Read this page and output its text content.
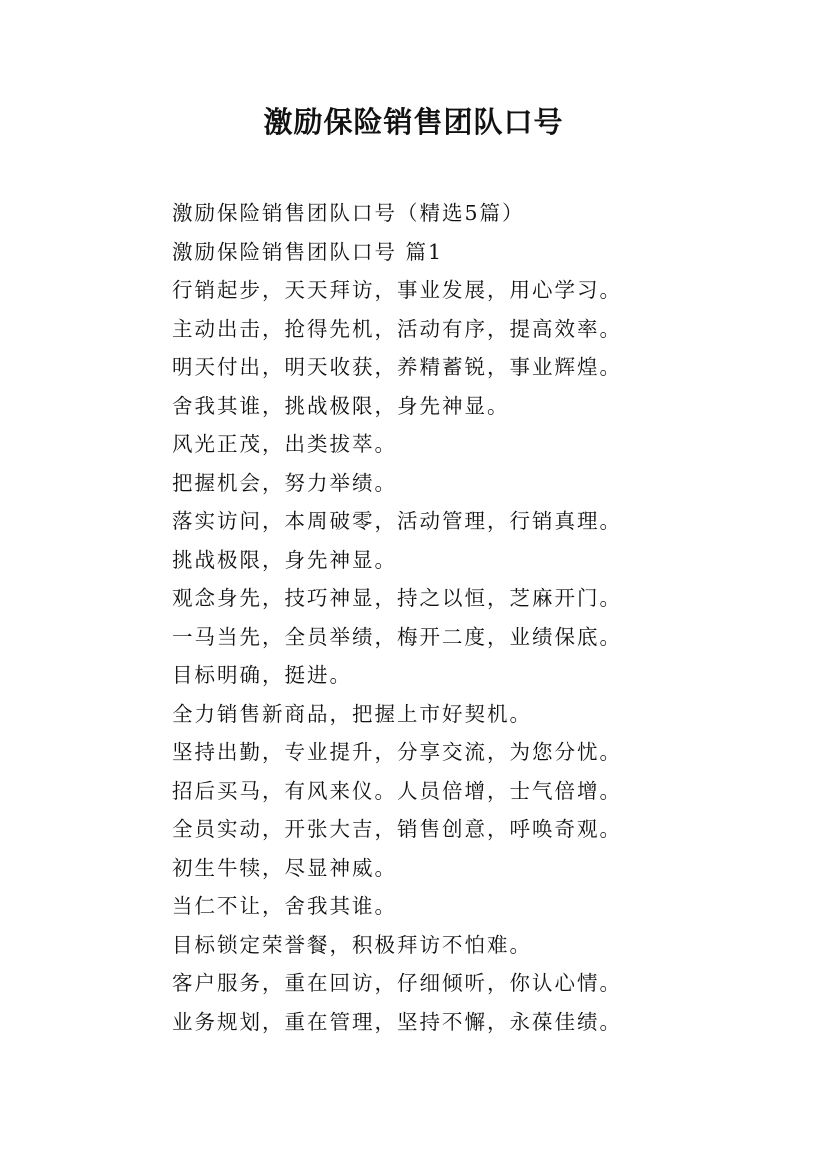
激励保险销售团队口号
激励保险销售团队口号（精选5篇）
激励保险销售团队口号 篇1
行销起步，天天拜访，事业发展，用心学习。
主动出击，抢得先机，活动有序，提高效率。
明天付出，明天收获，养精蓄锐，事业辉煌。
舍我其谁，挑战极限，身先神显。
风光正茂，出类拔萃。
把握机会，努力举绩。
落实访问，本周破零，活动管理，行销真理。
挑战极限，身先神显。
观念身先，技巧神显，持之以恒，芝麻开门。
一马当先，全员举绩，梅开二度，业绩保底。
目标明确，挺进。
全力销售新商品，把握上市好契机。
坚持出勤，专业提升，分享交流，为您分忧。
招后买马，有风来仪。人员倍增，士气倍增。
全员实动，开张大吉，销售创意，呼唤奇观。
初生牛犊，尽显神威。
当仁不让，舍我其谁。
目标锁定荣誉餐，积极拜访不怕难。
客户服务，重在回访，仔细倾听，你认心情。
业务规划，重在管理，坚持不懈，永葆佳绩。
